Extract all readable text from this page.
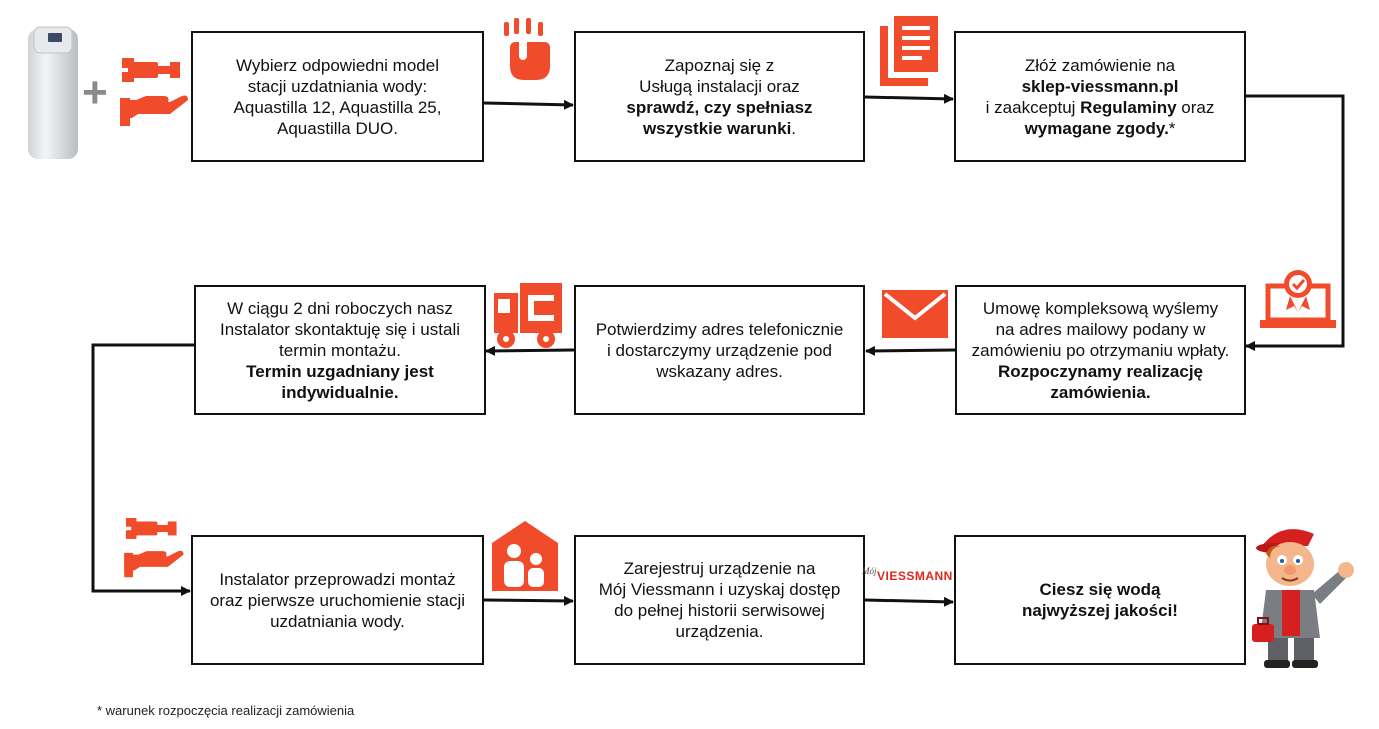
Wybierz odpowiedni model

stacji uzdatniania wody:

Aquastilla 12, Aquastilla 25,

Aquastilla DUO.

Zapoznaj się z

Usługą instalacji oraz

sprawdź, czy spełniasz

wszystkie warunki.

Złóż zamówienie na

sklep-viessmann.pl

i zaakceptuj Regulaminy oraz

wymagane zgody.*

W ciągu 2 dni roboczych nasz

Instalator skontaktuję się i ustali

termin montażu.

Termin uzgadniany jest

indywidualnie.

Potwierdzimy adres telefonicznie

i dostarczymy urządzenie pod

wskazany adres.

Umowę kompleksową wyślemy

na adres mailowy podany w

zamówieniu po otrzymaniu wpłaty.

Rozpoczynamy realizację

zamówienia.

Instalator przeprowadzi montaż

oraz pierwsze uruchomienie stacji

uzdatniania wody.

Zarejestruj urządzenie na

Mój Viessmann i uzyskaj dostęp

do pełnej historii serwisowej

urządzenia.

Ciesz się wodą

najwyższej jakości!

+
Mój VIESSMANN
* warunek rozpoczęcia realizacji zamówienia
